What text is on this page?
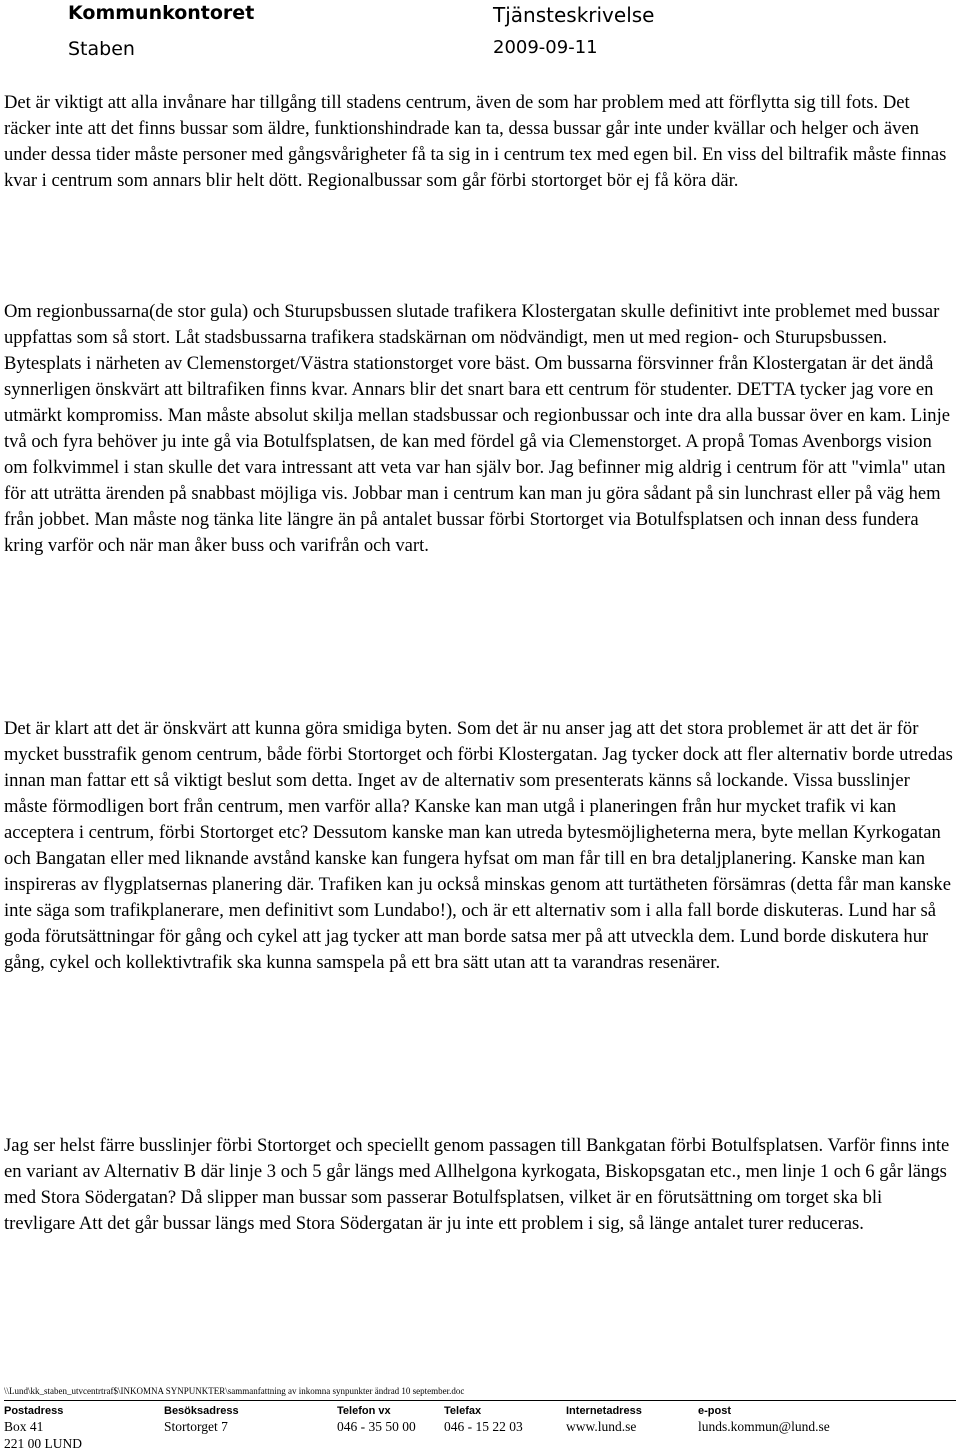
Kommunkontoret
Staben
Tjänsteskrivelse
2009-09-11

Det är viktigt att alla invånare har tillgång till stadens centrum, även de som har problem med att förflytta sig till fots. Det räcker inte att det finns bussar som äldre, funktionshindrade kan ta, dessa bussar går inte under kvällar och helger och även under dessa tider måste personer med gångsvårigheter få ta sig in i centrum tex med egen bil. En viss del biltrafik måste finnas kvar i centrum som annars blir helt dött. Regionalbussar som går förbi stortorget bör ej få köra där.

Om regionbussarna(de stor gula) och Sturupsbussen slutade trafikera Klostergatan skulle definitivt inte problemet med bussar uppfattas som så stort. Låt stadsbussarna trafikera stadskärnan om nödvändigt, men ut med region- och Sturupsbussen. Bytesplats i närheten av Clemenstorget/Västra stationstorget vore bäst. Om bussarna försvinner från Klostergatan är det ändå synnerligen önskvärt att biltrafiken finns kvar. Annars blir det snart bara ett centrum för studenter. DETTA tycker jag vore en utmärkt kompromiss. Man måste absolut skilja mellan stadsbussar och regionbussar och inte dra alla bussar över en kam. Linje två och fyra behöver ju inte gå via Botulfsplatsen, de kan med fördel gå via Clemenstorget. A propå Tomas Avenborgs vision om folkvimmel i stan skulle det vara intressant att veta var han själv bor. Jag befinner mig aldrig i centrum för att "vimla" utan för att uträtta ärenden på snabbast möjliga vis. Jobbar man i centrum kan man ju göra sådant på sin lunchrast eller på väg hem från jobbet. Man måste nog tänka lite längre än på antalet bussar förbi Stortorget via Botulfsplatsen och innan dess fundera kring varför och när man åker buss och varifrån och vart.

Det är klart att det är önskvärt att kunna göra smidiga byten. Som det är nu anser jag att det stora problemet är att det är för mycket busstrafik genom centrum, både förbi Stortorget och förbi Klostergatan. Jag tycker dock att fler alternativ borde utredas innan man fattar ett så viktigt beslut som detta. Inget av de alternativ som presenterats känns så lockande. Vissa busslinjer måste förmodligen bort från centrum, men varför alla? Kanske kan man utgå i planeringen från hur mycket trafik vi kan acceptera i centrum, förbi Stortorget etc? Dessutom kanske man kan utreda bytesmöjligheterna mera, byte mellan Kyrkogatan och Bangatan eller med liknande avstånd kanske kan fungera hyfsat om man får till en bra detaljplanering. Kanske man kan inspireras av flygplatsernas planering där. Trafiken kan ju också minskas genom att turtätheten försämras (detta får man kanske inte säga som trafikplanerare, men definitivt som Lundabo!), och är ett alternativ som i alla fall borde diskuteras. Lund har så goda förutsättningar för gång och cykel att jag tycker att man borde satsa mer på att utveckla dem. Lund borde diskutera hur gång, cykel och kollektivtrafik ska kunna samspela på ett bra sätt utan att ta varandras resenärer.

Jag ser helst färre busslinjer förbi Stortorget och speciellt genom passagen till Bankgatan förbi Botulfsplatsen. Varför finns inte en variant av Alternativ B där linje 3 och 5 går längs med Allhelgona kyrkogata, Biskopsgatan etc., men linje 1 och 6 går längs med Stora Södergatan? Då slipper man bussar som passerar Botulfsplatsen, vilket är en förutsättning om torget ska bli trevligare Att det går bussar längs med Stora Södergatan är ju inte ett problem i sig, så länge antalet turer reduceras.

\\Lund\kk_staben_utvcentrtraf$\INKOMNA SYNPUNKTER\sammanfattning av inkomna synpunkter ändrad 10 september.doc
Postadress
Box 41
221 00 LUND
Besöksadress
Stortorget 7
Telefon vx
046 - 35 50 00
Telefax
046 - 15 22 03
Internetadress
www.lund.se
e-post
lunds.kommun@lund.se
